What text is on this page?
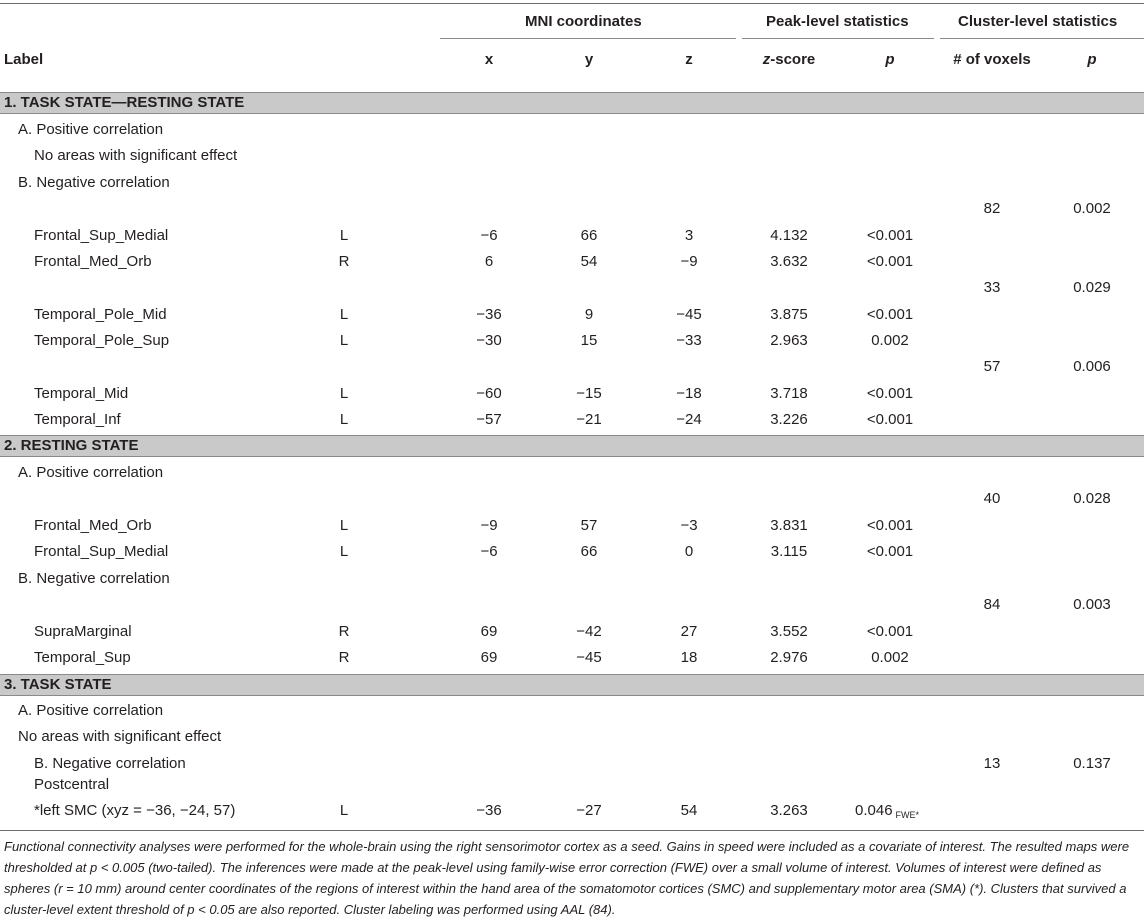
MNI coordinates	Peak-level statistics	Cluster-level statistics
Label	x	y	z	z-score	p	# of voxels	p
1. TASK STATE—RESTING STATE
A. Positive correlation
No areas with significant effect
B. Negative correlation
82	0.002
Frontal_Sup_Medial	L	−6	66	3	4.132	<0.001
Frontal_Med_Orb	R	6	54	−9	3.632	<0.001
33	0.029
Temporal_Pole_Mid	L	−36	9	−45	3.875	<0.001
Temporal_Pole_Sup	L	−30	15	−33	2.963	0.002
57	0.006
Temporal_Mid	L	−60	−15	−18	3.718	<0.001
Temporal_Inf	L	−57	−21	−24	3.226	<0.001
2. RESTING STATE
A. Positive correlation
40	0.028
Frontal_Med_Orb	L	−9	57	−3	3.831	<0.001
Frontal_Sup_Medial	L	−6	66	0	3.115	<0.001
B. Negative correlation
84	0.003
SupraMarginal	R	69	−42	27	3.552	<0.001
Temporal_Sup	R	69	−45	18	2.976	0.002
3. TASK STATE
A. Positive correlation
No areas with significant effect
B. Negative correlation	13	0.137
Postcentral
*left SMC (xyz = −36, −24, 57)	L	−36	−27	54	3.263	0.046 $_{FWE*}$
Functional connectivity analyses were performed for the whole-brain using the right sensorimotor cortex as a seed. Gains in speed were included as a covariate of interest. The resulted maps were thresholded at p < 0.005 (two-tailed). The inferences were made at the peak-level using family-wise error correction (FWE) over a small volume of interest. Volumes of interest were defined as spheres (r = 10 mm) around center coordinates of the regions of interest within the hand area of the somatomotor cortices (SMC) and supplementary motor area (SMA) (*). Clusters that survived a cluster-level extent threshold of p < 0.05 are also reported. Cluster labeling was performed using AAL (84).
